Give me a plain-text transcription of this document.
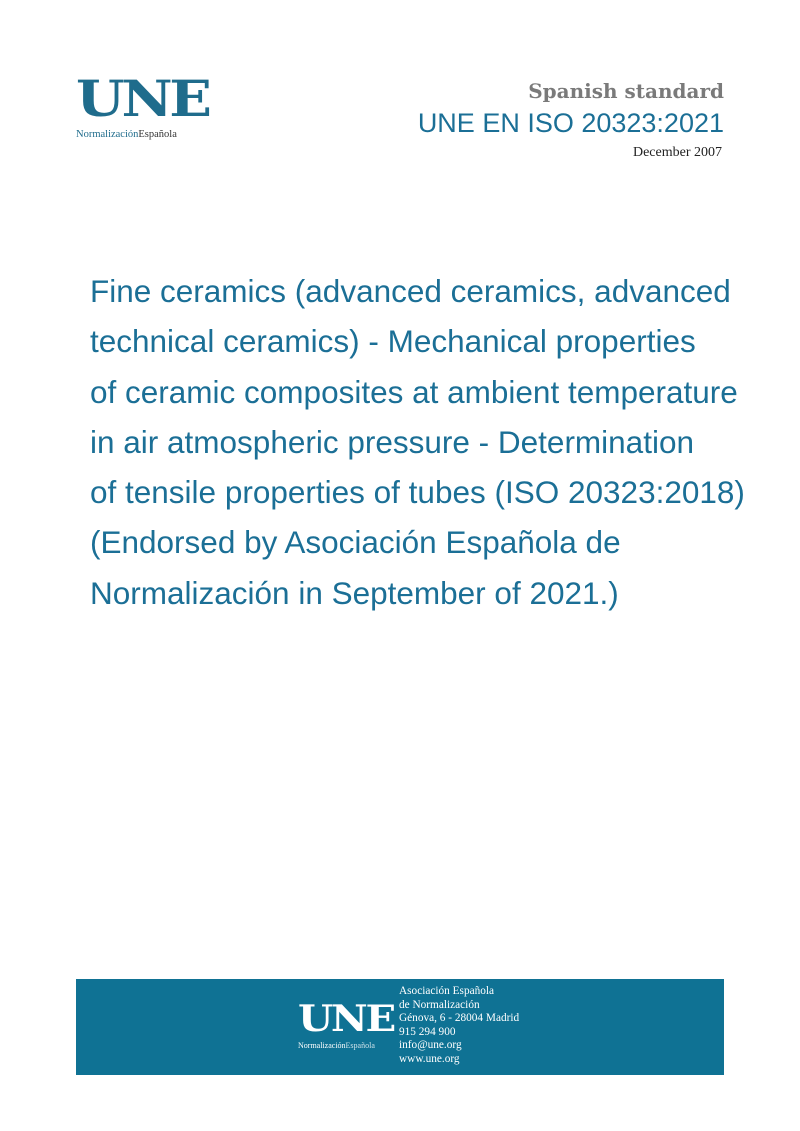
UNE
NormalizaciónEspañola
Spanish standard
UNE EN ISO 20323:2021
December 2007
Fine ceramics (advanced ceramics, advanced
technical ceramics) - Mechanical properties
of ceramic composites at ambient temperature
in air atmospheric pressure - Determination
of tensile properties of tubes (ISO 20323:2018)
(Endorsed by Asociación Española de
Normalización in September of 2021.)
UNE
NormalizaciónEspañola
Asociación Española
de Normalización
Génova, 6 - 28004 Madrid
915 294 900
info@une.org
www.une.org
